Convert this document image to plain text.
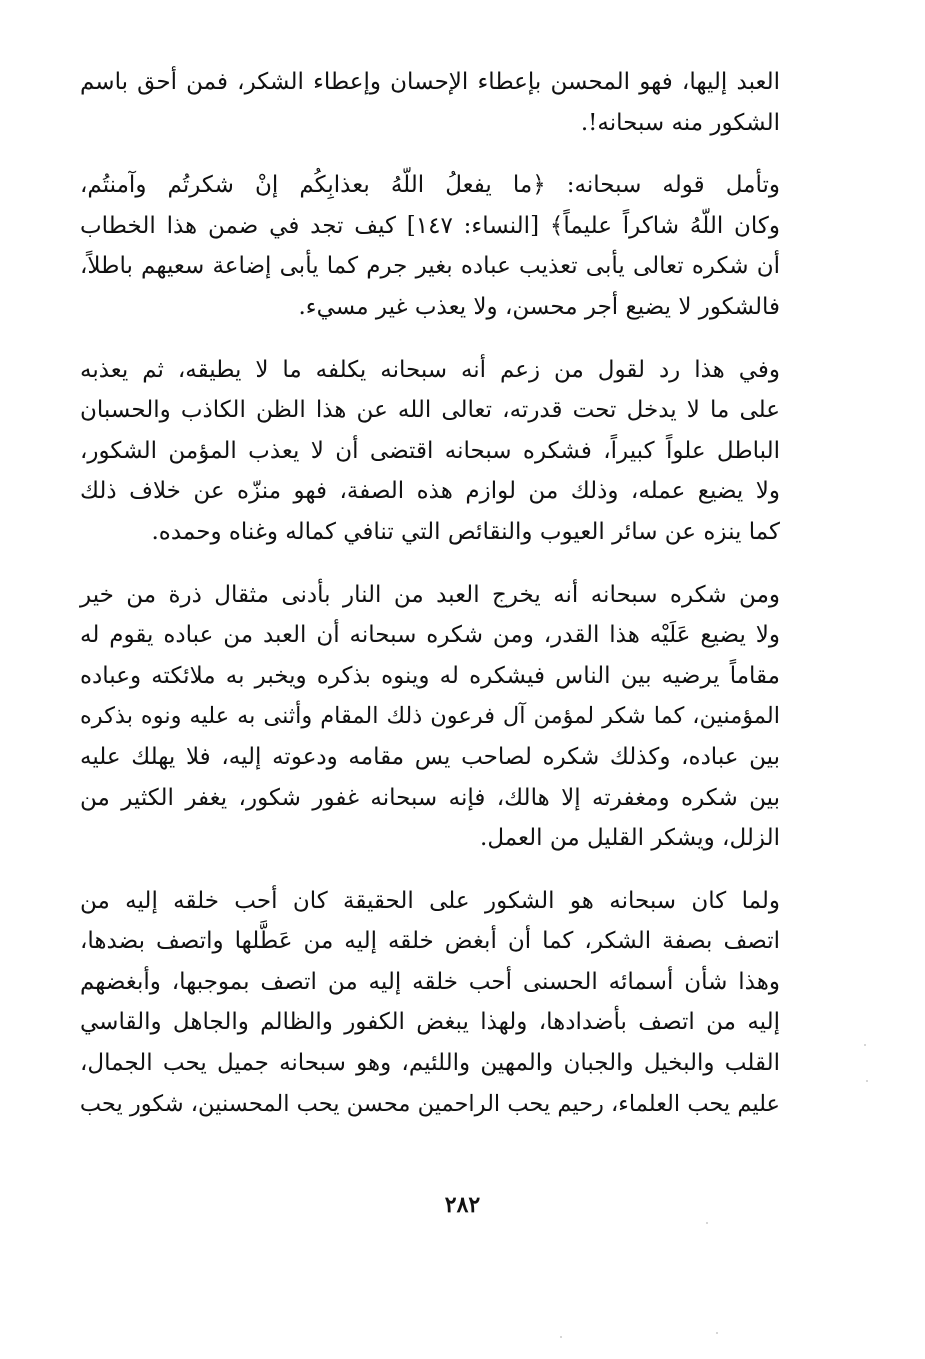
العبد إليها، فهو المحسن بإعطاء الإحسان وإعطاء الشكر، فمن أحق باسم
الشكور منه سبحانه!.
وتأمل قوله سبحانه: ﴿ما يفعلُ اللّهُ بعذابِكُم إنْ شكرتُم وآمنتُم،
وكان اللّهُ شاكراً عليماً﴾ [النساء: ١٤٧] كيف تجد في ضمن هذا الخطاب
أن شكره تعالى يأبى تعذيب عباده بغير جرم كما يأبى إضاعة سعيهم باطلاً،
فالشكور لا يضيع أجر محسن، ولا يعذب غير مسيء.
وفي هذا رد لقول من زعم أنه سبحانه يكلفه ما لا يطيقه، ثم يعذبه
على ما لا يدخل تحت قدرته، تعالى الله عن هذا الظن الكاذب والحسبان
الباطل علواً كبيراً، فشكره سبحانه اقتضى أن لا يعذب المؤمن الشكور،
ولا يضيع عمله، وذلك من لوازم هذه الصفة، فهو منزّه عن خلاف ذلك
كما ينزه عن سائر العيوب والنقائص التي تنافي كماله وغناه وحمده.
ومن شكره سبحانه أنه يخرج العبد من النار بأدنى مثقال ذرة من خير
ولا يضيع عَلَيْه هذا القدر، ومن شكره سبحانه أن العبد من عباده يقوم له
مقاماً يرضيه بين الناس فيشكره له وينوه بذكره ويخبر به ملائكته وعباده
المؤمنين، كما شكر لمؤمن آل فرعون ذلك المقام وأثنى به عليه ونوه بذكره
بين عباده، وكذلك شكره لصاحب يس مقامه ودعوته إليه، فلا يهلك عليه
بين شكره ومغفرته إلا هالك، فإنه سبحانه غفور شكور، يغفر الكثير من
الزلل، ويشكر القليل من العمل.
ولما كان سبحانه هو الشكور على الحقيقة كان أحب خلقه إليه من
اتصف بصفة الشكر، كما أن أبغض خلقه إليه من عَطَّلها واتصف بضدها،
وهذا شأن أسمائه الحسنى أحب خلقه إليه من اتصف بموجبها، وأبغضهم
إليه من اتصف بأضدادها، ولهذا يبغض الكفور والظالم والجاهل والقاسي
القلب والبخيل والجبان والمهين واللئيم، وهو سبحانه جميل يحب الجمال،
عليم يحب العلماء، رحيم يحب الراحمين محسن يحب المحسنين، شكور يحب
٢٨٢
